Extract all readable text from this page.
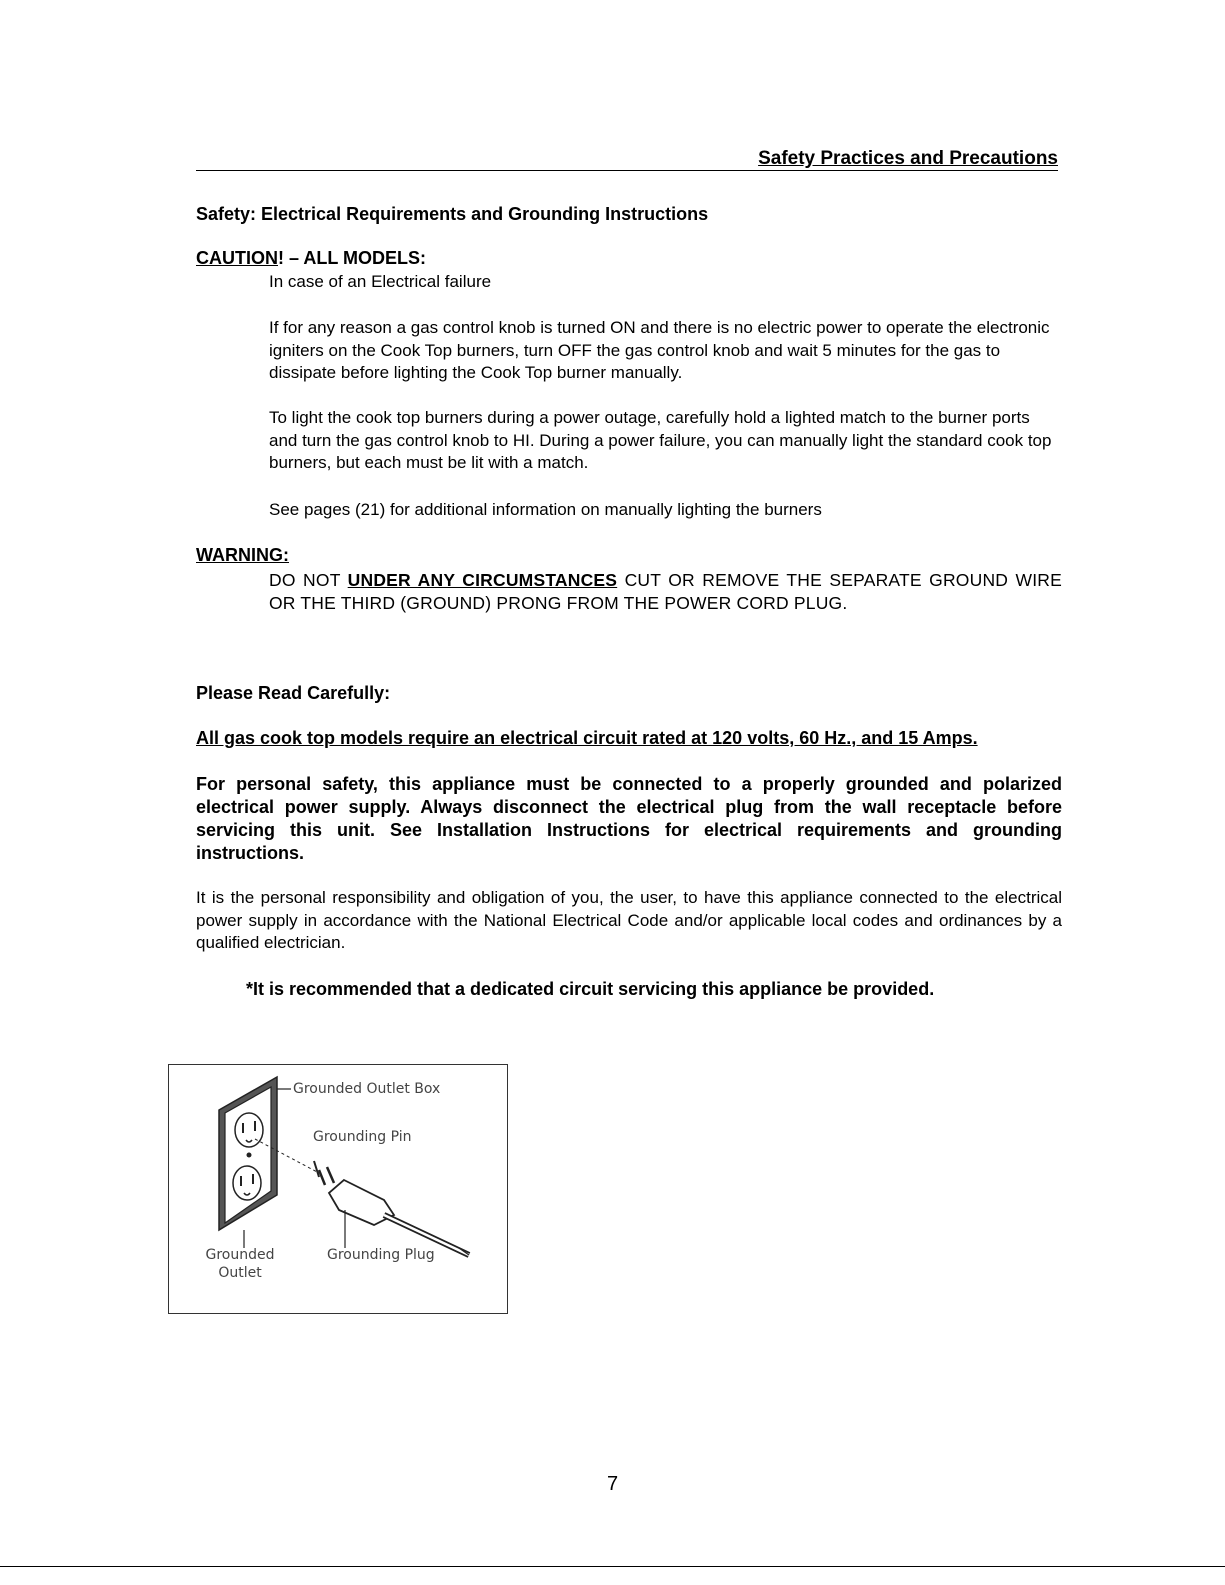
Safety Practices and Precautions
Safety: Electrical Requirements and Grounding Instructions
CAUTION! – ALL MODELS:

In case of an Electrical failure

If for any reason a gas control knob is turned ON and there is no electric power to operate the electronic igniters on the Cook Top burners, turn OFF the gas control knob and wait 5 minutes for the gas to dissipate before lighting the Cook Top burner manually.

To light the cook top burners during a power outage, carefully hold a lighted match to the burner ports and turn the gas control knob to HI. During a power failure, you can manually light the standard cook top burners, but each must be lit with a match.

See pages (21) for additional information on manually lighting the burners

WARNING:
DO NOT UNDER ANY CIRCUMSTANCES CUT OR REMOVE THE SEPARATE GROUND WIRE OR THE THIRD (GROUND) PRONG FROM THE POWER CORD PLUG.
Please Read Carefully:
All gas cook top models require an electrical circuit rated at 120 volts, 60 Hz., and 15 Amps.
For personal safety, this appliance must be connected to a properly grounded and polarized electrical power supply. Always disconnect the electrical plug from the wall receptacle before servicing this unit. See Installation Instructions for electrical requirements and grounding instructions.
It is the personal responsibility and obligation of you, the user, to have this appliance connected to the electrical power supply in accordance with the National Electrical Code and/or applicable local codes and ordinances by a qualified electrician.
*It is recommended that a dedicated circuit servicing this appliance be provided.
Grounded Outlet Box
Grounding Pin
Grounded
Outlet
Grounding Plug
7
